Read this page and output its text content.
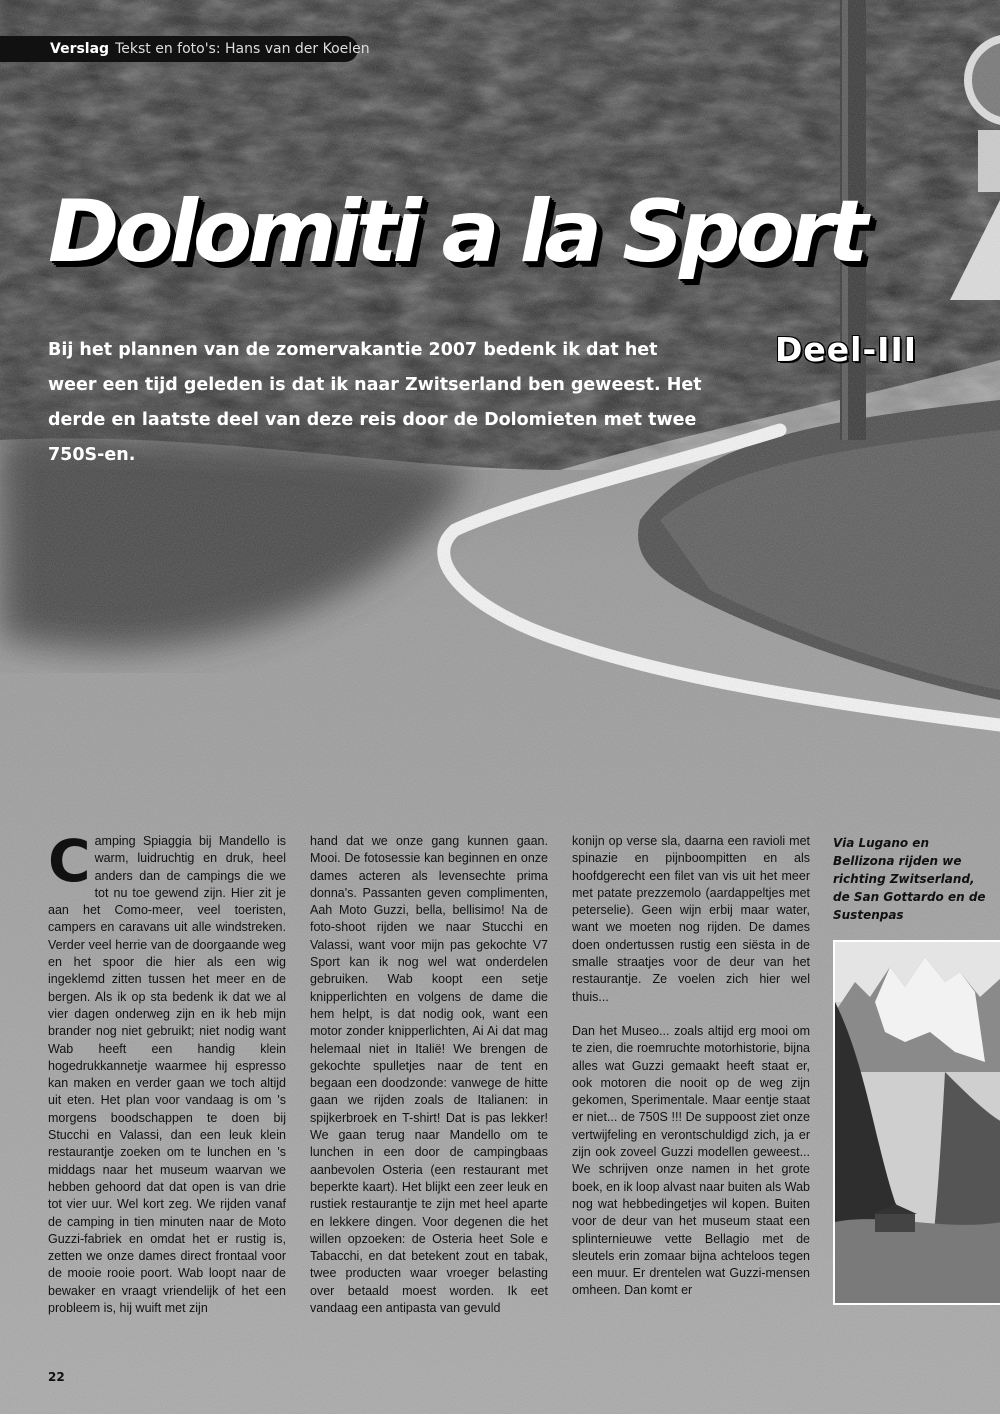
Verslag Tekst en foto's: Hans van der Koelen
Dolomiti a la Sport
Deel-III

Bij het plannen van de zomervakantie 2007 bedenk ik dat het weer een tijd geleden is dat ik naar Zwitserland ben geweest. Het derde en laatste deel van deze reis door de Dolomieten met twee 750S-en.

Camping Spiaggia bij Mandello is warm, luidruchtig en druk, heel anders dan de campings die we tot nu toe gewend zijn. Hier zit je aan het Como-meer, veel toeristen, campers en caravans uit alle windstreken. Verder veel herrie van de doorgaande weg en het spoor die hier als een wig ingeklemd zitten tussen het meer en de bergen. Als ik op sta bedenk ik dat we al vier dagen onderweg zijn en ik heb mijn brander nog niet gebruikt; niet nodig want Wab heeft een handig klein hogedrukkannetje waarmee hij espresso kan maken en verder gaan we toch altijd uit eten. Het plan voor vandaag is om 's morgens boodschappen te doen bij Stucchi en Valassi, dan een leuk klein restaurantje zoeken om te lunchen en 's middags naar het museum waarvan we hebben gehoord dat dat open is van drie tot vier uur. Wel kort zeg. We rijden vanaf de camping in tien minuten naar de Moto Guzzi-fabriek en omdat het er rustig is, zetten we onze dames direct frontaal voor de mooie rooie poort. Wab loopt naar de bewaker en vraagt vriendelijk of het een probleem is, hij wuift met zijn

hand dat we onze gang kunnen gaan. Mooi. De fotosessie kan beginnen en onze dames acteren als levensechte prima donna's. Passanten geven complimenten, Aah Moto Guzzi, bella, bellisimo! Na de foto-shoot rijden we naar Stucchi en Valassi, want voor mijn pas gekochte V7 Sport kan ik nog wel wat onderdelen gebruiken. Wab koopt een setje knipperlichten en volgens de dame die hem helpt, is dat nodig ook, want een motor zonder knipperlichten, Ai Ai dat mag helemaal niet in Italië! We brengen de gekochte spulletjes naar de tent en begaan een doodzonde: vanwege de hitte gaan we rijden zoals de Italianen: in spijkerbroek en T-shirt! Dat is pas lekker! We gaan terug naar Mandello om te lunchen in een door de campingbaas aanbevolen Osteria (een restaurant met beperkte kaart). Het blijkt een zeer leuk en rustiek restaurantje te zijn met heel aparte en lekkere dingen. Voor degenen die het willen opzoeken: de Osteria heet Sole e Tabacchi, en dat betekent zout en tabak, twee producten waar vroeger belasting over betaald moest worden. Ik eet vandaag een antipasta van gevuld

konijn op verse sla, daarna een ravioli met spinazie en pijnboompitten en als hoofdgerecht een filet van vis uit het meer met patate prezzemolo (aardappeltjes met peterselie). Geen wijn erbij maar water, want we moeten nog rijden. De dames doen ondertussen rustig een siësta in de smalle straatjes voor de deur van het restaurantje. Ze voelen zich hier wel thuis...

Dan het Museo... zoals altijd erg mooi om te zien, die roemruchte motorhistorie, bijna alles wat Guzzi gemaakt heeft staat er, ook motoren die nooit op de weg zijn gekomen, Sperimentale. Maar eentje staat er niet... de 750S !!! De suppoost ziet onze vertwijfeling en verontschuldigd zich, ja er zijn ook zoveel Guzzi modellen geweest... We schrijven onze namen in het grote boek, en ik loop alvast naar buiten als Wab nog wat hebbedingetjes wil kopen. Buiten voor de deur van het museum staat een splinternieuwe vette Bellagio met de sleutels erin zomaar bijna achteloos tegen een muur. Er drentelen wat Guzzi-mensen omheen. Dan komt er

Via Lugano en Bellizona rijden we richting Zwitserland, de San Gottardo en de Sustenpas

22
